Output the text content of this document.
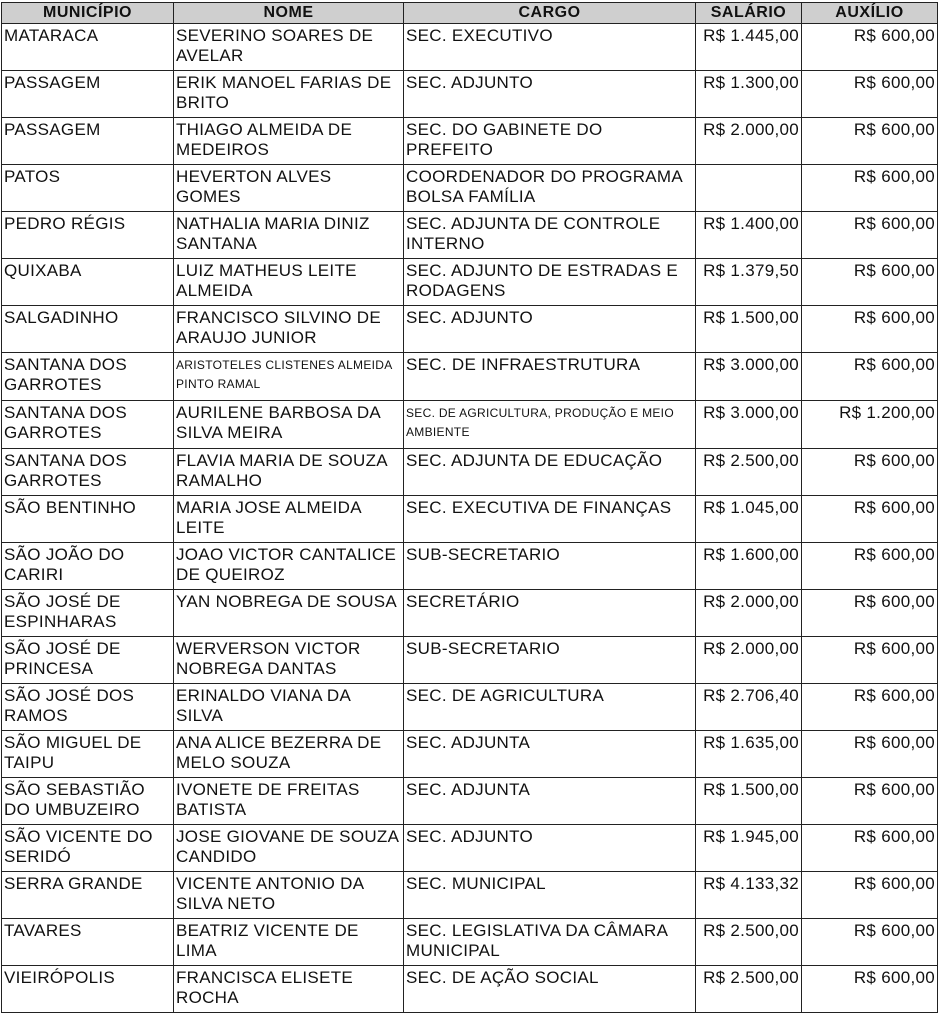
MUNICÍPIO	NOME	CARGO	SALÁRIO	AUXÍLIO
MATARACA	SEVERINO SOARES DE AVELAR	SEC. EXECUTIVO	R$ 1.445,00	R$ 600,00
PASSAGEM	ERIK MANOEL FARIAS DE BRITO	SEC. ADJUNTO	R$ 1.300,00	R$ 600,00
PASSAGEM	THIAGO ALMEIDA DE MEDEIROS	SEC. DO GABINETE DO PREFEITO	R$ 2.000,00	R$ 600,00
PATOS	HEVERTON ALVES GOMES	COORDENADOR DO PROGRAMA BOLSA FAMÍLIA		R$ 600,00
PEDRO RÉGIS	NATHALIA MARIA DINIZ SANTANA	SEC. ADJUNTA DE CONTROLE INTERNO	R$ 1.400,00	R$ 600,00
QUIXABA	LUIZ MATHEUS LEITE ALMEIDA	SEC. ADJUNTO DE ESTRADAS E RODAGENS	R$ 1.379,50	R$ 600,00
SALGADINHO	FRANCISCO SILVINO DE ARAUJO JUNIOR	SEC. ADJUNTO	R$ 1.500,00	R$ 600,00
SANTANA DOS GARROTES	ARISTOTELES CLISTENES ALMEIDA PINTO RAMAL	SEC. DE INFRAESTRUTURA	R$ 3.000,00	R$ 600,00
SANTANA DOS GARROTES	AURILENE BARBOSA DA SILVA MEIRA	SEC. DE AGRICULTURA, PRODUÇÃO E MEIO AMBIENTE	R$ 3.000,00	R$ 1.200,00
SANTANA DOS GARROTES	FLAVIA MARIA DE SOUZA RAMALHO	SEC. ADJUNTA DE EDUCAÇÃO	R$ 2.500,00	R$ 600,00
SÃO BENTINHO	MARIA JOSE ALMEIDA LEITE	SEC. EXECUTIVA DE FINANÇAS	R$ 1.045,00	R$ 600,00
SÃO JOÃO DO CARIRI	JOAO VICTOR CANTALICE DE QUEIROZ	SUB-SECRETARIO	R$ 1.600,00	R$ 600,00
SÃO JOSÉ DE ESPINHARAS	YAN NOBREGA DE SOUSA	SECRETÁRIO	R$ 2.000,00	R$ 600,00
SÃO JOSÉ DE PRINCESA	WERVERSON VICTOR NOBREGA DANTAS	SUB-SECRETARIO	R$ 2.000,00	R$ 600,00
SÃO JOSÉ DOS RAMOS	ERINALDO VIANA DA SILVA	SEC. DE AGRICULTURA	R$ 2.706,40	R$ 600,00
SÃO MIGUEL DE TAIPU	ANA ALICE BEZERRA DE MELO SOUZA	SEC. ADJUNTA	R$ 1.635,00	R$ 600,00
SÃO SEBASTIÃO DO UMBUZEIRO	IVONETE DE FREITAS BATISTA	SEC. ADJUNTA	R$ 1.500,00	R$ 600,00
SÃO VICENTE DO SERIDÓ	JOSE GIOVANE DE SOUZA CANDIDO	SEC. ADJUNTO	R$ 1.945,00	R$ 600,00
SERRA GRANDE	VICENTE ANTONIO DA SILVA NETO	SEC. MUNICIPAL	R$ 4.133,32	R$ 600,00
TAVARES	BEATRIZ VICENTE DE LIMA	SEC. LEGISLATIVA DA CÂMARA MUNICIPAL	R$ 2.500,00	R$ 600,00
VIEIRÓPOLIS	FRANCISCA ELISETE ROCHA	SEC. DE AÇÃO SOCIAL	R$ 2.500,00	R$ 600,00
